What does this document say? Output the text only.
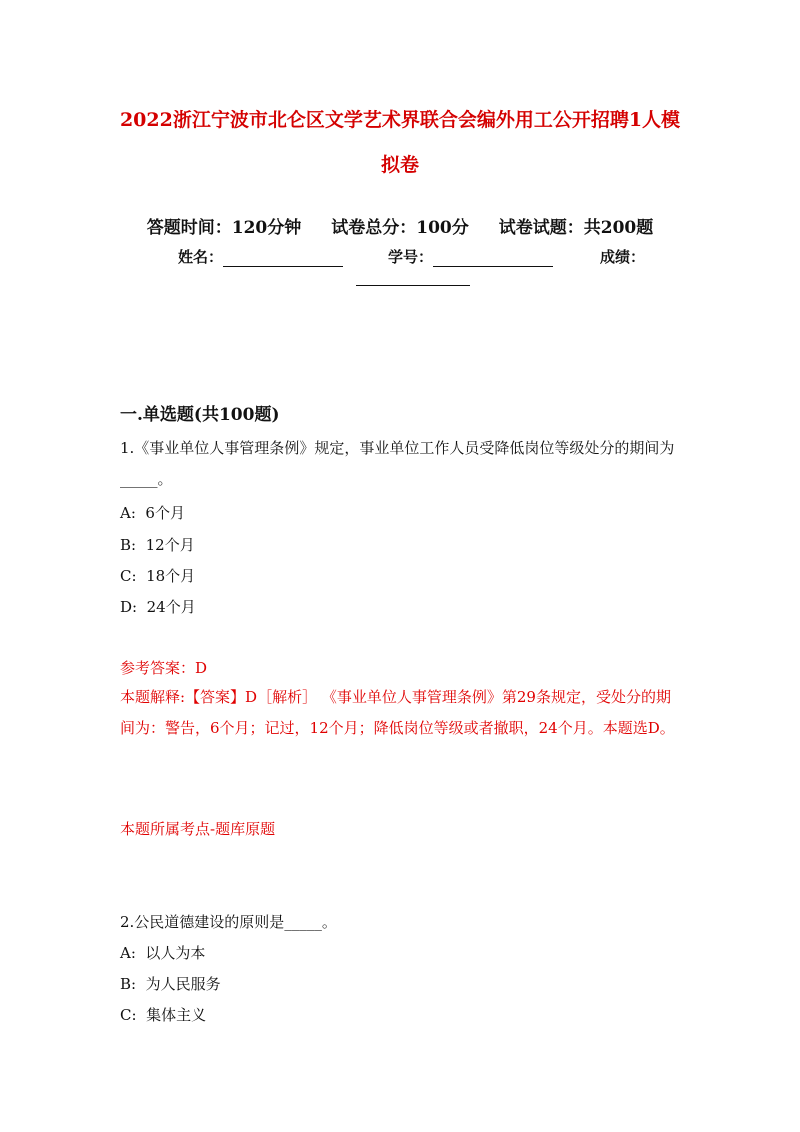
2022浙江宁波市北仑区文学艺术界联合会编外用工公开招聘1人模
拟卷
答题时间：120分钟 试卷总分：100分 试卷试题：共200题
姓名：	学号：	成绩：
一.单选题(共100题)
1.《事业单位人事管理条例》规定，事业单位工作人员受降低岗位等级处分的期间为_____。
A:  6个月
B:  12个月
C:  18个月
D:  24个月
参考答案：D
本题解释:【答案】D［解析］ 《事业单位人事管理条例》第29条规定，受处分的期间为：警告，6个月；记过，12个月；降低岗位等级或者撤职，24个月。本题选D。
本题所属考点-题库原题
2.公民道德建设的原则是_____。
A:  以人为本
B:  为人民服务
C:  集体主义
